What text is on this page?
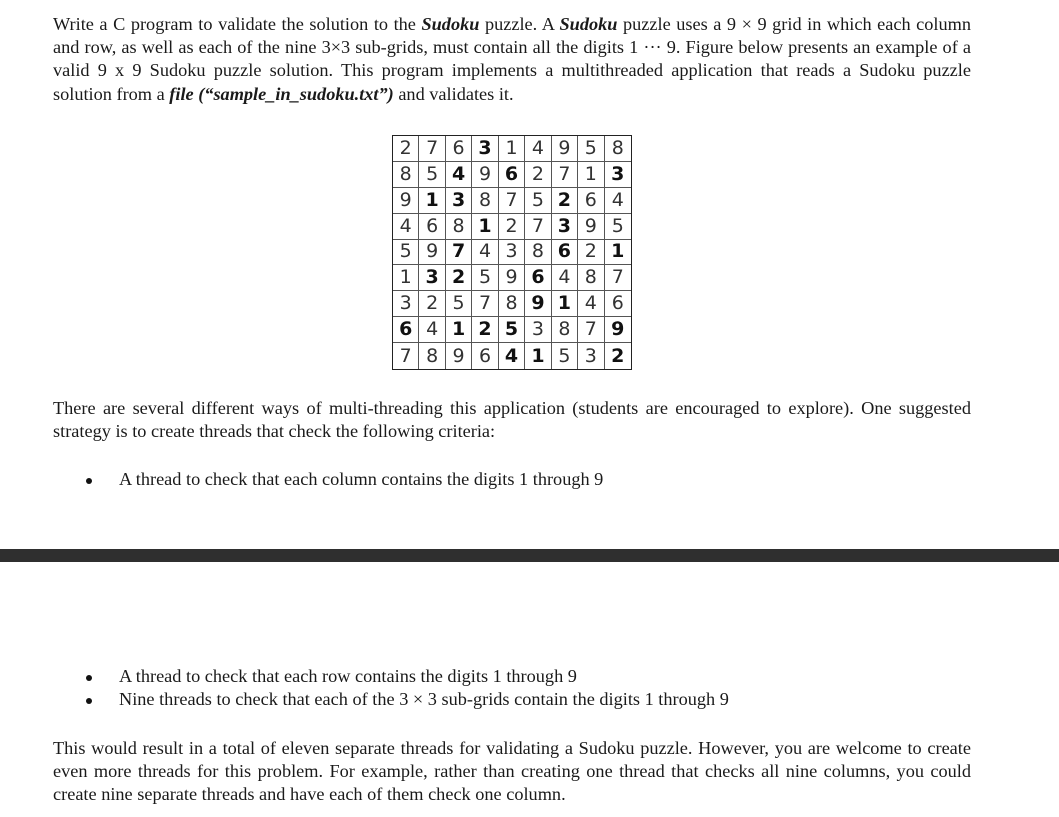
Write a C program to validate the solution to the Sudoku puzzle. A Sudoku puzzle uses a 9 × 9 grid in which each column and row, as well as each of the nine 3×3 sub-grids, must contain all the digits 1 ··· 9. Figure below presents an example of a valid 9 x 9 Sudoku puzzle solution. This program implements a multithreaded application that reads a Sudoku puzzle solution from a file (“sample_in_sudoku.txt”) and validates it.

2 7 6 3 1 4 9 5 8
8 5 4 9 6 2 7 1 3
9 1 3 8 7 5 2 6 4
4 6 8 1 2 7 3 9 5
5 9 7 4 3 8 6 2 1
1 3 2 5 9 6 4 8 7
3 2 5 7 8 9 1 4 6
6 4 1 2 5 3 8 7 9
7 8 9 6 4 1 5 3 2

There are several different ways of multi-threading this application (students are encouraged to explore). One suggested strategy is to create threads that check the following criteria:

A thread to check that each column contains the digits 1 through 9
A thread to check that each row contains the digits 1 through 9
Nine threads to check that each of the 3 × 3 sub-grids contain the digits 1 through 9

This would result in a total of eleven separate threads for validating a Sudoku puzzle. However, you are welcome to create even more threads for this problem. For example, rather than creating one thread that checks all nine columns, you could create nine separate threads and have each of them check one column.
